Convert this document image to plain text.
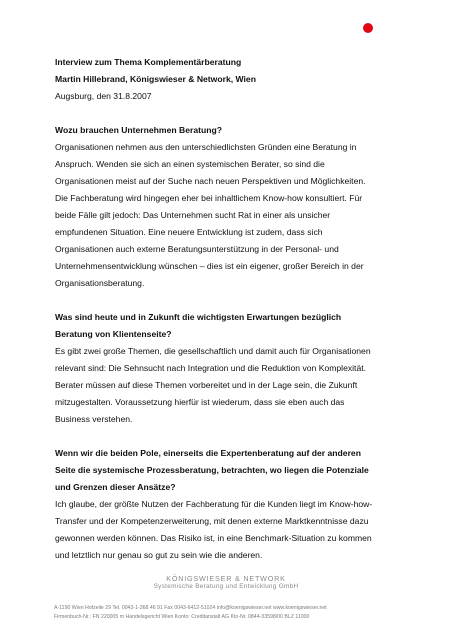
Interview zum Thema Komplementärberatung

Martin Hillebrand, Königswieser & Network, Wien

Augsburg, den 31.8.2007

Wozu brauchen Unternehmen Beratung?

Organisationen nehmen aus den unterschiedlichsten Gründen eine Beratung in

Anspruch. Wenden sie sich an einen systemischen Berater, so sind die

Organisationen meist auf der Suche nach neuen Perspektiven und Möglichkeiten.

Die Fachberatung wird hingegen eher bei inhaltlichem Know-how konsultiert. Für

beide Fälle gilt jedoch: Das Unternehmen sucht Rat in einer als unsicher

empfundenen Situation. Eine neuere Entwicklung ist zudem, dass sich

Organisationen auch externe Beratungsunterstützung in der Personal- und

Unternehmensentwicklung wünschen – dies ist ein eigener, großer Bereich in der

Organisationsberatung.

Was sind heute und in Zukunft die wichtigsten Erwartungen bezüglich

Beratung von Klientenseite?

Es gibt zwei große Themen, die gesellschaftlich und damit auch für Organisationen

relevant sind: Die Sehnsucht nach Integration und die Reduktion von Komplexität.

Berater müssen auf diese Themen vorbereitet und in der Lage sein, die Zukunft

mitzugestalten. Voraussetzung hierfür ist wiederum, dass sie eben auch das

Business verstehen.

Wenn wir die beiden Pole, einerseits die Expertenberatung auf der anderen

Seite die systemische Prozessberatung, betrachten, wo liegen die Potenziale

und Grenzen dieser Ansätze?

Ich glaube, der größte Nutzen der Fachberatung für die Kunden liegt im Know-how-

Transfer und der Kompetenzerweiterung, mit denen externe Marktkenntnisse dazu

gewonnen werden können. Das Risiko ist, in eine Benchmark-Situation zu kommen

und letztlich nur genau so gut zu sein wie die anderen.

KÖNIGSWIESER & NETWORK
Systemische Beratung und Entwicklung GmbH
A-1190 Wien Hofzeile 29 Tel. 0043-1-368 46 91 Fax 0043-6412-51024 info@koenigswieser.net www.koenigswieser.net
Firmenbuch-Nr.: FN 220005 m Handelsgericht Wien Konto: Creditanstalt AG Kto-Nr. 0844-33598/00 BLZ 11000
